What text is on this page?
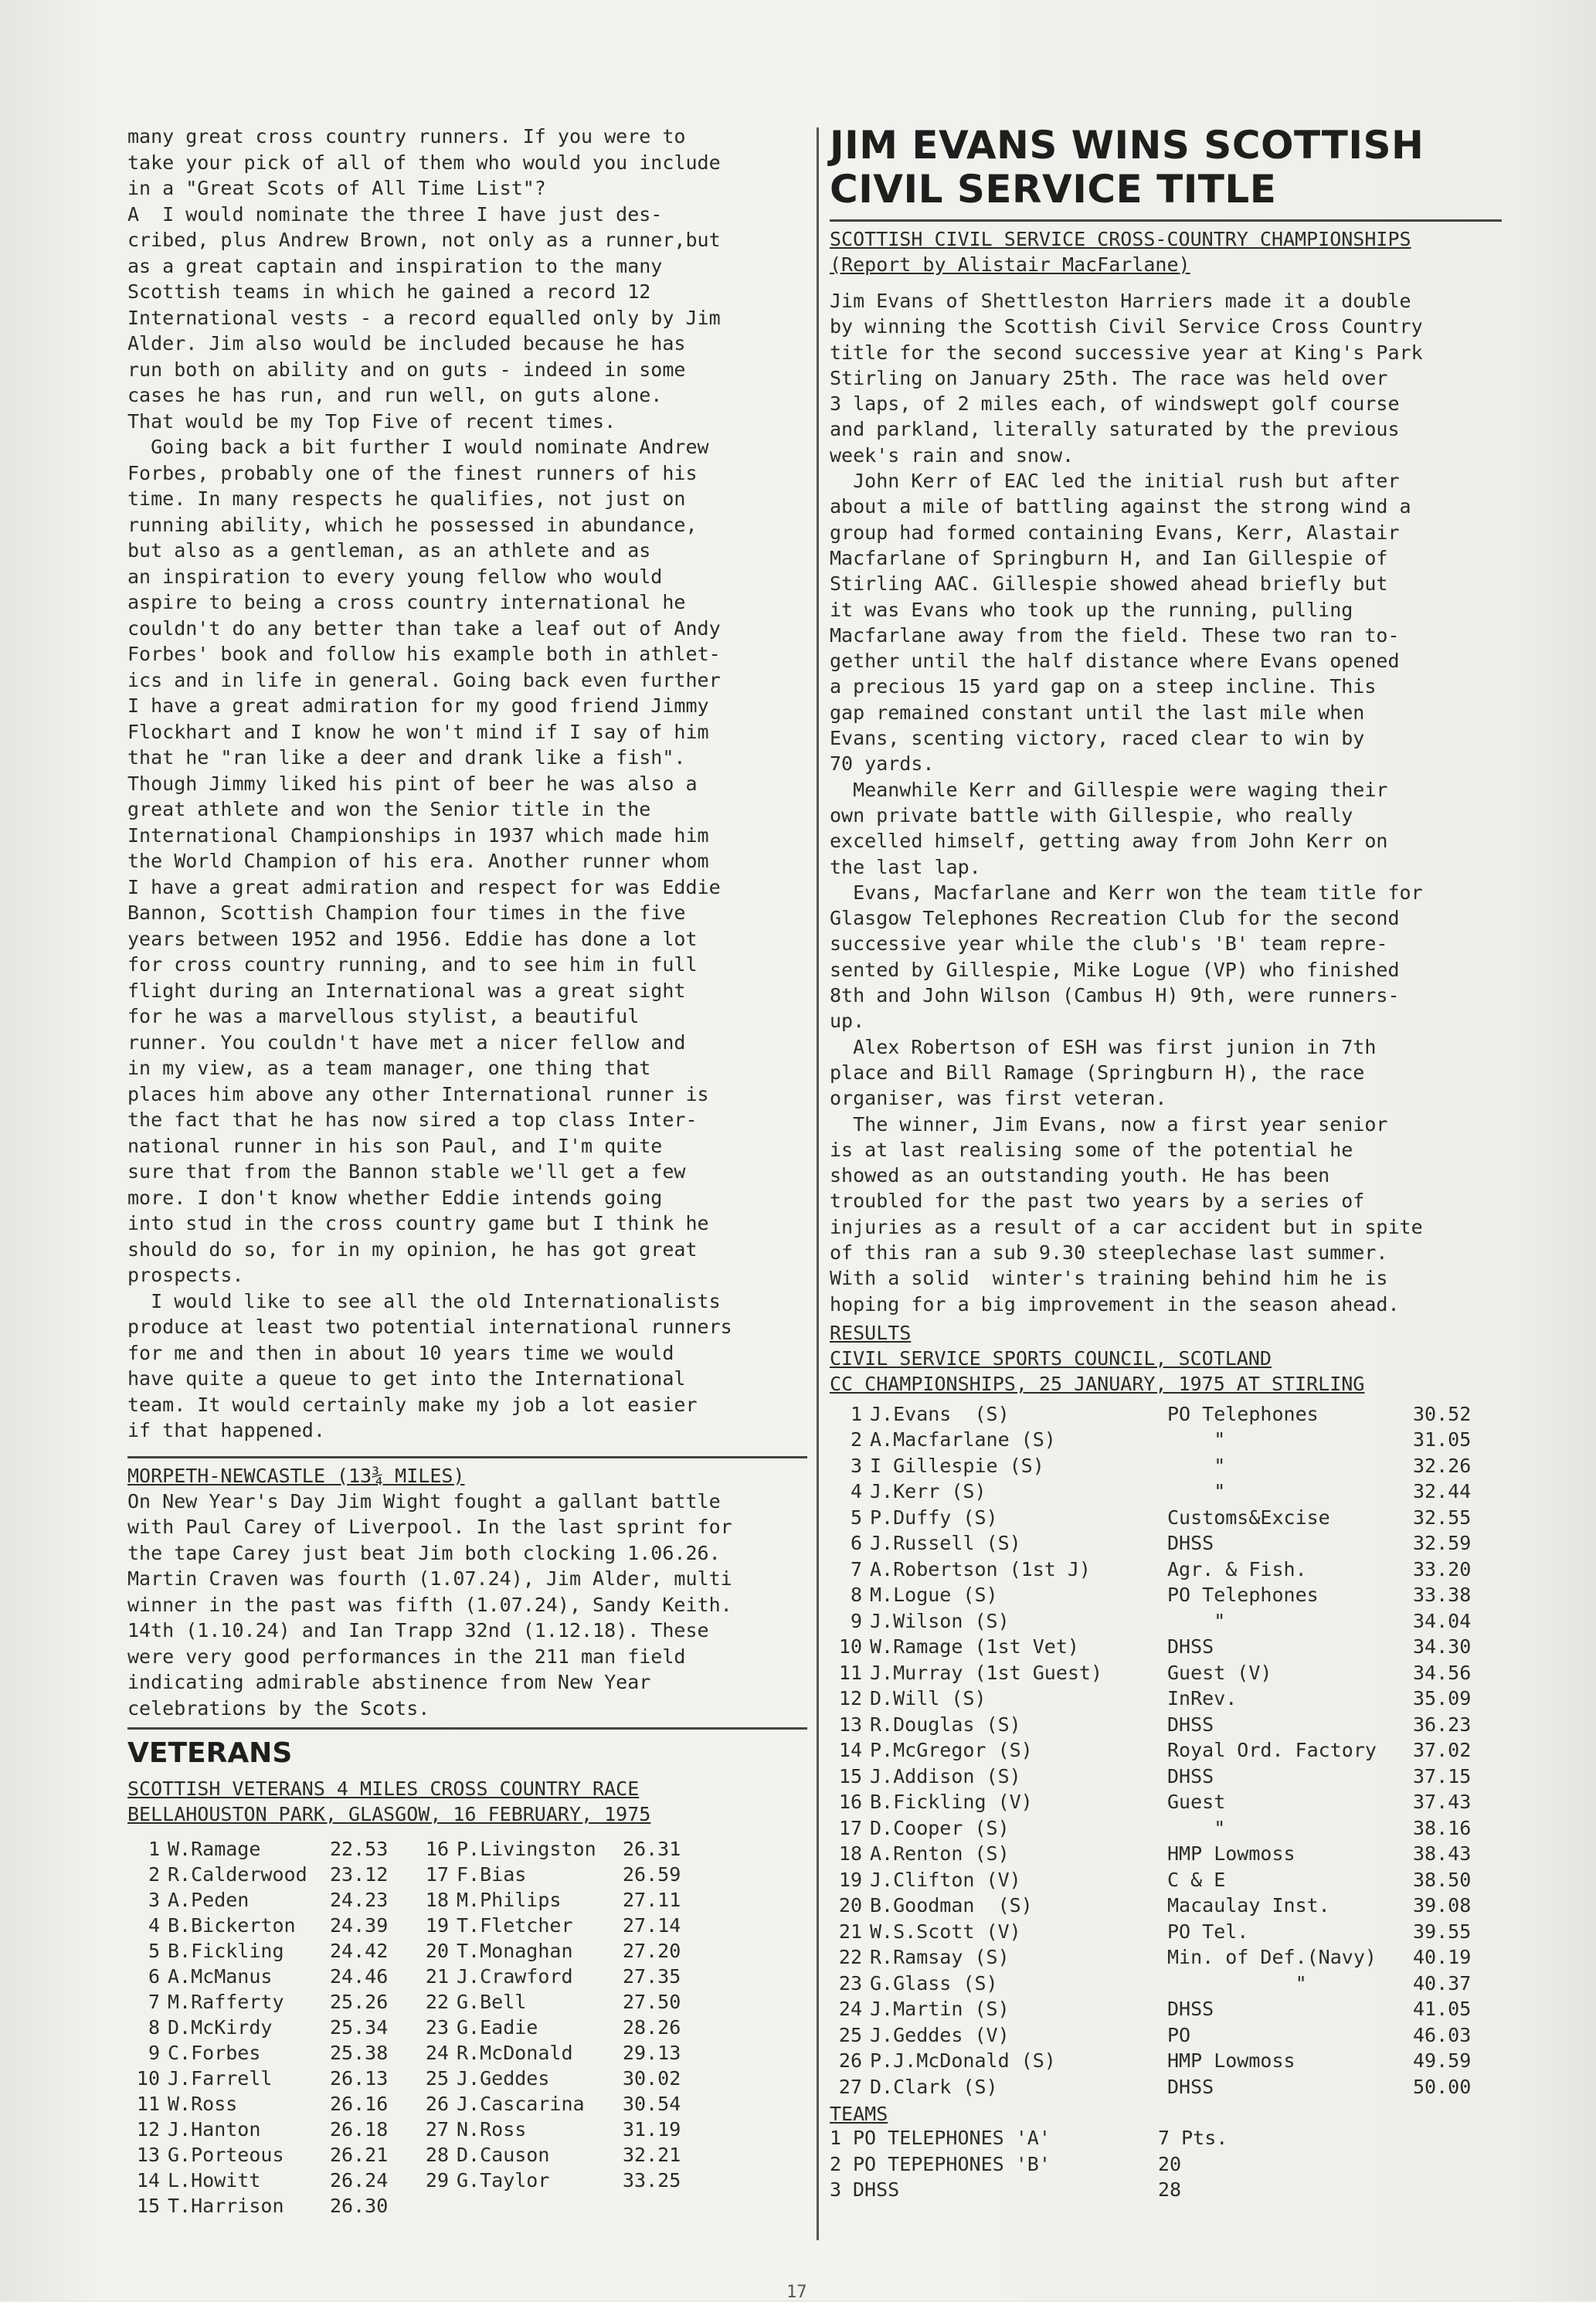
many great cross country runners. If you were to
take your pick of all of them who would you include
in a "Great Scots of All Time List"?

A  I would nominate the three I have just des-
cribed, plus Andrew Brown, not only as a runner,but
as a great captain and inspiration to the many
Scottish teams in which he gained a record 12
International vests - a record equalled only by Jim
Alder. Jim also would be included because he has
run both on ability and on guts - indeed in some
cases he has run, and run well, on guts alone.
That would be my Top Five of recent times.

Going back a bit further I would nominate Andrew
Forbes, probably one of the finest runners of his
time. In many respects he qualifies, not just on
running ability, which he possessed in abundance,
but also as a gentleman, as an athlete and as
an inspiration to every young fellow who would
aspire to being a cross country international he
couldn't do any better than take a leaf out of Andy
Forbes' book and follow his example both in athlet-
ics and in life in general. Going back even further
I have a great admiration for my good friend Jimmy
Flockhart and I know he won't mind if I say of him
that he "ran like a deer and drank like a fish".
Though Jimmy liked his pint of beer he was also a
great athlete and won the Senior title in the
International Championships in 1937 which made him
the World Champion of his era. Another runner whom
I have a great admiration and respect for was Eddie
Bannon, Scottish Champion four times in the five
years between 1952 and 1956. Eddie has done a lot
for cross country running, and to see him in full
flight during an International was a great sight
for he was a marvellous stylist, a beautiful
runner. You couldn't have met a nicer fellow and
in my view, as a team manager, one thing that
places him above any other International runner is
the fact that he has now sired a top class Inter-
national runner in his son Paul, and I'm quite
sure that from the Bannon stable we'll get a few
more. I don't know whether Eddie intends going
into stud in the cross country game but I think he
should do so, for in my opinion, he has got great
prospects.

I would like to see all the old Internationalists
produce at least two potential international runners
for me and then in about 10 years time we would
have quite a queue to get into the International
team. It would certainly make my job a lot easier
if that happened.

MORPETH-NEWCASTLE (13¾ MILES)

On New Year's Day Jim Wight fought a gallant battle
with Paul Carey of Liverpool. In the last sprint for
the tape Carey just beat Jim both clocking 1.06.26.
Martin Craven was fourth (1.07.24), Jim Alder, multi
winner in the past was fifth (1.07.24), Sandy Keith.
14th (1.10.24) and Ian Trapp 32nd (1.12.18). These
were very good performances in the 211 man field
indicating admirable abstinence from New Year
celebrations by the Scots.

VETERANS

SCOTTISH VETERANS 4 MILES CROSS COUNTRY RACE

BELLAHOUSTON PARK, GLASGOW, 16 FEBRUARY, 1975

1	W.Ramage	22.53	16	P.Livingston	26.31
2	R.Calderwood	23.12	17	F.Bias	26.59
3	A.Peden	24.23	18	M.Philips	27.11
4	B.Bickerton	24.39	19	T.Fletcher	27.14
5	B.Fickling	24.42	20	T.Monaghan	27.20
6	A.McManus	24.46	21	J.Crawford	27.35
7	M.Rafferty	25.26	22	G.Bell	27.50
8	D.McKirdy	25.34	23	G.Eadie	28.26
9	C.Forbes	25.38	24	R.McDonald	29.13
10	J.Farrell	26.13	25	J.Geddes	30.02
11	W.Ross	26.16	26	J.Cascarina	30.54
12	J.Hanton	26.18	27	N.Ross	31.19
13	G.Porteous	26.21	28	D.Causon	32.21
14	L.Howitt	26.24	29	G.Taylor	33.25
15	T.Harrison	26.30			

JIM EVANS WINS SCOTTISH
CIVIL SERVICE TITLE

SCOTTISH CIVIL SERVICE CROSS-COUNTRY CHAMPIONSHIPS

(Report by Alistair MacFarlane)

Jim Evans of Shettleston Harriers made it a double
by winning the Scottish Civil Service Cross Country
title for the second successive year at King's Park
Stirling on January 25th. The race was held over
3 laps, of 2 miles each, of windswept golf course
and parkland, literally saturated by the previous
week's rain and snow.

John Kerr of EAC led the initial rush but after
about a mile of battling against the strong wind a
group had formed containing Evans, Kerr, Alastair
Macfarlane of Springburn H, and Ian Gillespie of
Stirling AAC. Gillespie showed ahead briefly but
it was Evans who took up the running, pulling
Macfarlane away from the field. These two ran to-
gether until the half distance where Evans opened
a precious 15 yard gap on a steep incline. This
gap remained constant until the last mile when
Evans, scenting victory, raced clear to win by
70 yards.

Meanwhile Kerr and Gillespie were waging their
own private battle with Gillespie, who really
excelled himself, getting away from John Kerr on
the last lap.

Evans, Macfarlane and Kerr won the team title for
Glasgow Telephones Recreation Club for the second
successive year while the club's 'B' team repre-
sented by Gillespie, Mike Logue (VP) who finished
8th and John Wilson (Cambus H) 9th, were runners-
up.

Alex Robertson of ESH was first junion in 7th
place and Bill Ramage (Springburn H), the race
organiser, was first veteran.

The winner, Jim Evans, now a first year senior
is at last realising some of the potential he
showed as an outstanding youth. He has been
troubled for the past two years by a series of
injuries as a result of a car accident but in spite
of this ran a sub 9.30 steeplechase last summer.
With a solid  winter's training behind him he is
hoping for a big improvement in the season ahead.

RESULTS

CIVIL SERVICE SPORTS COUNCIL, SCOTLAND

CC CHAMPIONSHIPS, 25 JANUARY, 1975 AT STIRLING

1	J.Evans  (S)	PO Telephones	30.52
2	A.Macfarlane (S)	"	31.05
3	I Gillespie (S)	"	32.26
4	J.Kerr (S)	"	32.44
5	P.Duffy (S)	Customs&Excise	32.55
6	J.Russell (S)	DHSS	32.59
7	A.Robertson (1st J)	Agr. & Fish.	33.20
8	M.Logue (S)	PO Telephones	33.38
9	J.Wilson (S)	"	34.04
10	W.Ramage (1st Vet)	DHSS	34.30
11	J.Murray (1st Guest)	Guest (V)	34.56
12	D.Will (S)	InRev.	35.09
13	R.Douglas (S)	DHSS	36.23
14	P.McGregor (S)	Royal Ord. Factory	37.02
15	J.Addison (S)	DHSS	37.15
16	B.Fickling (V)	Guest	37.43
17	D.Cooper (S)	"	38.16
18	A.Renton (S)	HMP Lowmoss	38.43
19	J.Clifton (V)	C & E	38.50
20	B.Goodman  (S)	Macaulay Inst.	39.08
21	W.S.Scott (V)	PO Tel.	39.55
22	R.Ramsay (S)	Min. of Def.(Navy)	40.19
23	G.Glass (S)	"	40.37
24	J.Martin (S)	DHSS	41.05
25	J.Geddes (V)	PO	46.03
26	P.J.McDonald (S)	HMP Lowmoss	49.59
27	D.Clark (S)	DHSS	50.00

TEAMS

1	PO TELEPHONES 'A'	7 Pts.
2	PO TEPEPHONES 'B'	20
3	DHSS	28
17
